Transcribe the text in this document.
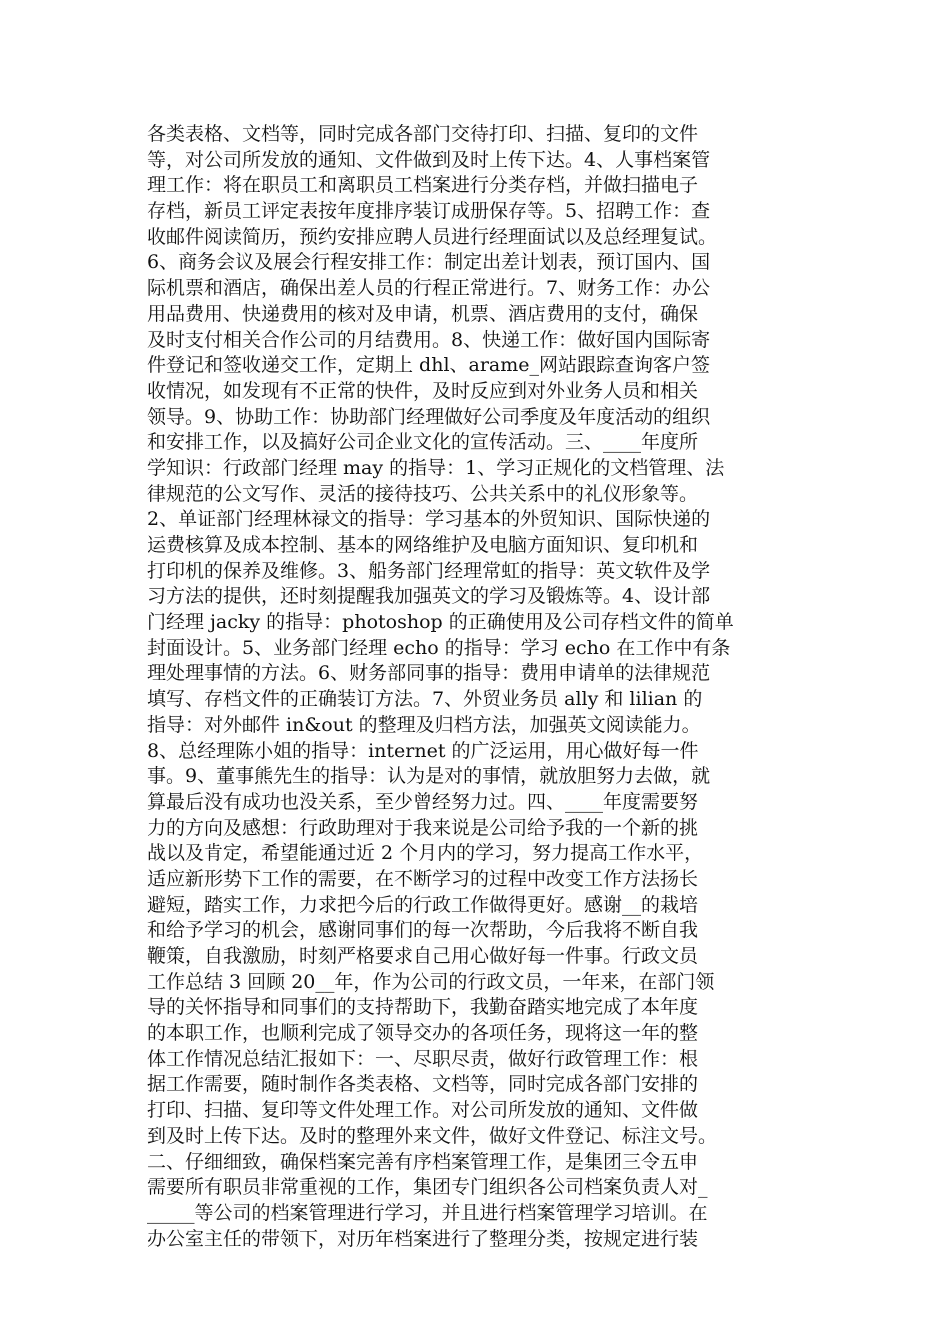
各类表格、文档等，同时完成各部门交待打印、扫描、复印的文件
等，对公司所发放的通知、文件做到及时上传下达。4、人事档案管
理工作：将在职员工和离职员工档案进行分类存档，并做扫描电子
存档，新员工评定表按年度排序装订成册保存等。5、招聘工作：查
收邮件阅读简历，预约安排应聘人员进行经理面试以及总经理复试。
6、商务会议及展会行程安排工作：制定出差计划表，预订国内、国
际机票和酒店，确保出差人员的行程正常进行。7、财务工作：办公
用品费用、快递费用的核对及申请，机票、酒店费用的支付，确保
及时支付相关合作公司的月结费用。8、快递工作：做好国内国际寄
件登记和签收递交工作，定期上 dhl、arame_网站跟踪查询客户签
收情况，如发现有不正常的快件，及时反应到对外业务人员和相关
领导。9、协助工作：协助部门经理做好公司季度及年度活动的组织
和安排工作，以及搞好公司企业文化的宣传活动。三、____年度所
学知识：行政部门经理 may 的指导：1、学习正规化的文档管理、法
律规范的公文写作、灵活的接待技巧、公共关系中的礼仪形象等。
2、单证部门经理林禄文的指导：学习基本的外贸知识、国际快递的
运费核算及成本控制、基本的网络维护及电脑方面知识、复印机和
打印机的保养及维修。3、船务部门经理常虹的指导：英文软件及学
习方法的提供，还时刻提醒我加强英文的学习及锻炼等。4、设计部
门经理 jacky 的指导：photoshop 的正确使用及公司存档文件的简单
封面设计。5、业务部门经理 echo 的指导：学习 echo 在工作中有条
理处理事情的方法。6、财务部同事的指导：费用申请单的法律规范
填写、存档文件的正确装订方法。7、外贸业务员 ally 和 lilian 的
指导：对外邮件 in&out 的整理及归档方法，加强英文阅读能力。
8、总经理陈小姐的指导：internet 的广泛运用，用心做好每一件
事。9、董事熊先生的指导：认为是对的事情，就放胆努力去做，就
算最后没有成功也没关系，至少曾经努力过。四、____年度需要努
力的方向及感想：行政助理对于我来说是公司给予我的一个新的挑
战以及肯定，希望能通过近 2 个月内的学习，努力提高工作水平，
适应新形势下工作的需要，在不断学习的过程中改变工作方法扬长
避短，踏实工作，力求把今后的行政工作做得更好。感谢__的栽培
和给予学习的机会，感谢同事们的每一次帮助，今后我将不断自我
鞭策，自我激励，时刻严格要求自己用心做好每一件事。行政文员
工作总结 3 回顾 20__年，作为公司的行政文员，一年来，在部门领
导的关怀指导和同事们的支持帮助下，我勤奋踏实地完成了本年度
的本职工作，也顺利完成了领导交办的各项任务，现将这一年的整
体工作情况总结汇报如下：一、尽职尽责，做好行政管理工作：根
据工作需要，随时制作各类表格、文档等，同时完成各部门安排的
打印、扫描、复印等文件处理工作。对公司所发放的通知、文件做
到及时上传下达。及时的整理外来文件，做好文件登记、标注文号。
二、仔细细致，确保档案完善有序档案管理工作，是集团三令五申
需要所有职员非常重视的工作，集团专门组织各公司档案负责人对_
_____等公司的档案管理进行学习，并且进行档案管理学习培训。在
办公室主任的带领下，对历年档案进行了整理分类，按规定进行装
